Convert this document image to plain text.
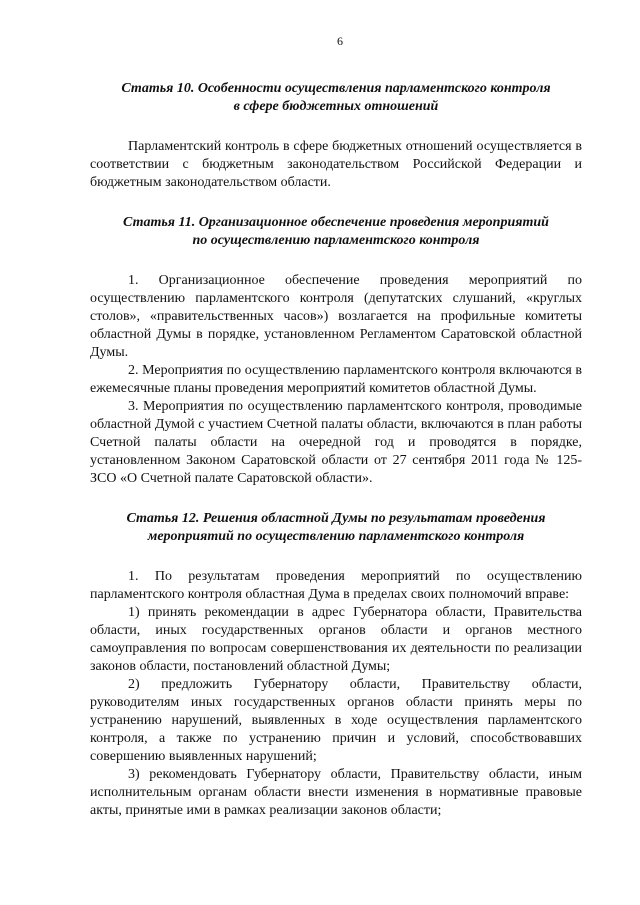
6
Статья 10. Особенности осуществления парламентского контроля
в сфере бюджетных отношений

Парламентский контроль в сфере бюджетных отношений осуществляется в соответствии с бюджетным законодательством Российской Федерации и бюджетным законодательством области.

Статья 11. Организационное обеспечение проведения мероприятий
по осуществлению парламентского контроля

1. Организационное обеспечение проведения мероприятий по осуществлению парламентского контроля (депутатских слушаний, «круглых столов», «правительственных часов») возлагается на профильные комитеты областной Думы в порядке, установленном Регламентом Саратовской областной Думы.

2. Мероприятия по осуществлению парламентского контроля включаются в ежемесячные планы проведения мероприятий комитетов областной Думы.

3. Мероприятия по осуществлению парламентского контроля, проводимые областной Думой с участием Счетной палаты области, включаются в план работы Счетной палаты области на очередной год и проводятся в порядке, установленном Законом Саратовской области от 27 сентября 2011 года № 125-ЗСО «О Счетной палате Саратовской области».

Статья 12. Решения областной Думы по результатам проведения
мероприятий по осуществлению парламентского контроля

1. По результатам проведения мероприятий по осуществлению парламентского контроля областная Дума в пределах своих полномочий вправе:

1) принять рекомендации в адрес Губернатора области, Правительства области, иных государственных органов области и органов местного самоуправления по вопросам совершенствования их деятельности по реализации законов области, постановлений областной Думы;

2) предложить Губернатору области, Правительству области, руководителям иных государственных органов области принять меры по устранению нарушений, выявленных в ходе осуществления парламентского контроля, а также по устранению причин и условий, способствовавших совершению выявленных нарушений;

3) рекомендовать Губернатору области, Правительству области, иным исполнительным органам области внести изменения в нормативные правовые акты, принятые ими в рамках реализации законов области;
